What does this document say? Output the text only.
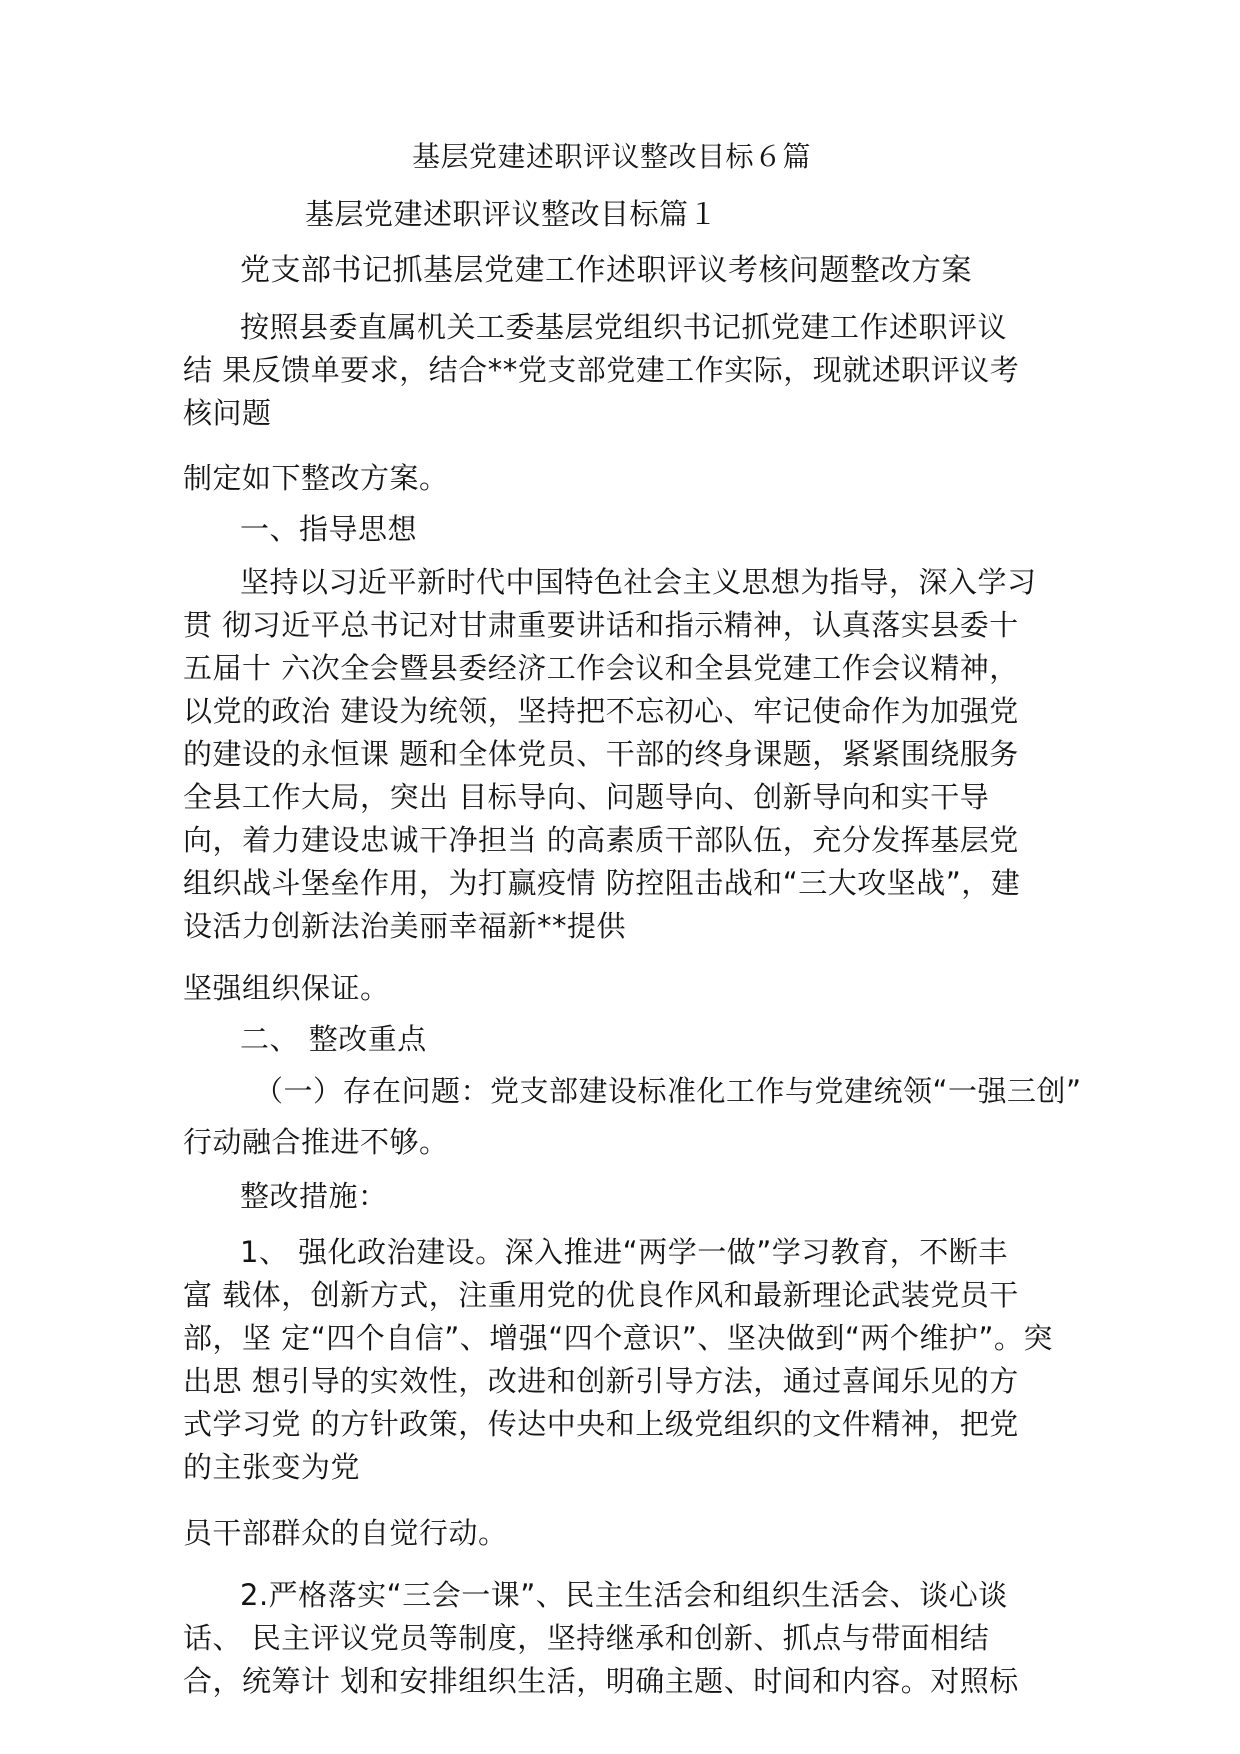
基层党建述职评议整改目标６篇
基层党建述职评议整改目标篇１
党支部书记抓基层党建工作述职评议考核问题整改方案
按照县委直属机关工委基层党组织书记抓党建工作述职评议
结 果反馈单要求，结合**党支部党建工作实际，现就述职评议考
核问题
制定如下整改方案。
一、指导思想
坚持以习近平新时代中国特色社会主义思想为指导，深入学习
贯 彻习近平总书记对甘肃重要讲话和指示精神，认真落实县委十
五届十 六次全会暨县委经济工作会议和全县党建工作会议精神，
以党的政治 建设为统领，坚持把不忘初心、牢记使命作为加强党
的建设的永恒课 题和全体党员、干部的终身课题，紧紧围绕服务
全县工作大局，突出 目标导向、问题导向、创新导向和实干导
向，着力建设忠诚干净担当 的高素质干部队伍，充分发挥基层党
组织战斗堡垒作用，为打赢疫情 防控阻击战和“三大攻坚战”，建
设活力创新法治美丽幸福新**提供
坚强组织保证。
二、 整改重点
（一）存在问题：党支部建设标准化工作与党建统领“一强三创”
行动融合推进不够。
整改措施：
1、 强化政治建设。深入推进“两学一做”学习教育，不断丰
富 载体，创新方式，注重用党的优良作风和最新理论武装党员干
部，坚 定“四个自信”、增强“四个意识”、坚决做到“两个维护”。突
出思 想引导的实效性，改进和创新引导方法，通过喜闻乐见的方
式学习党 的方针政策，传达中央和上级党组织的文件精神，把党
的主张变为党
员干部群众的自觉行动。
2.严格落实“三会一课”、民主生活会和组织生活会、谈心谈
话、 民主评议党员等制度，坚持继承和创新、抓点与带面相结
合，统筹计 划和安排组织生活，明确主题、时间和内容。对照标
